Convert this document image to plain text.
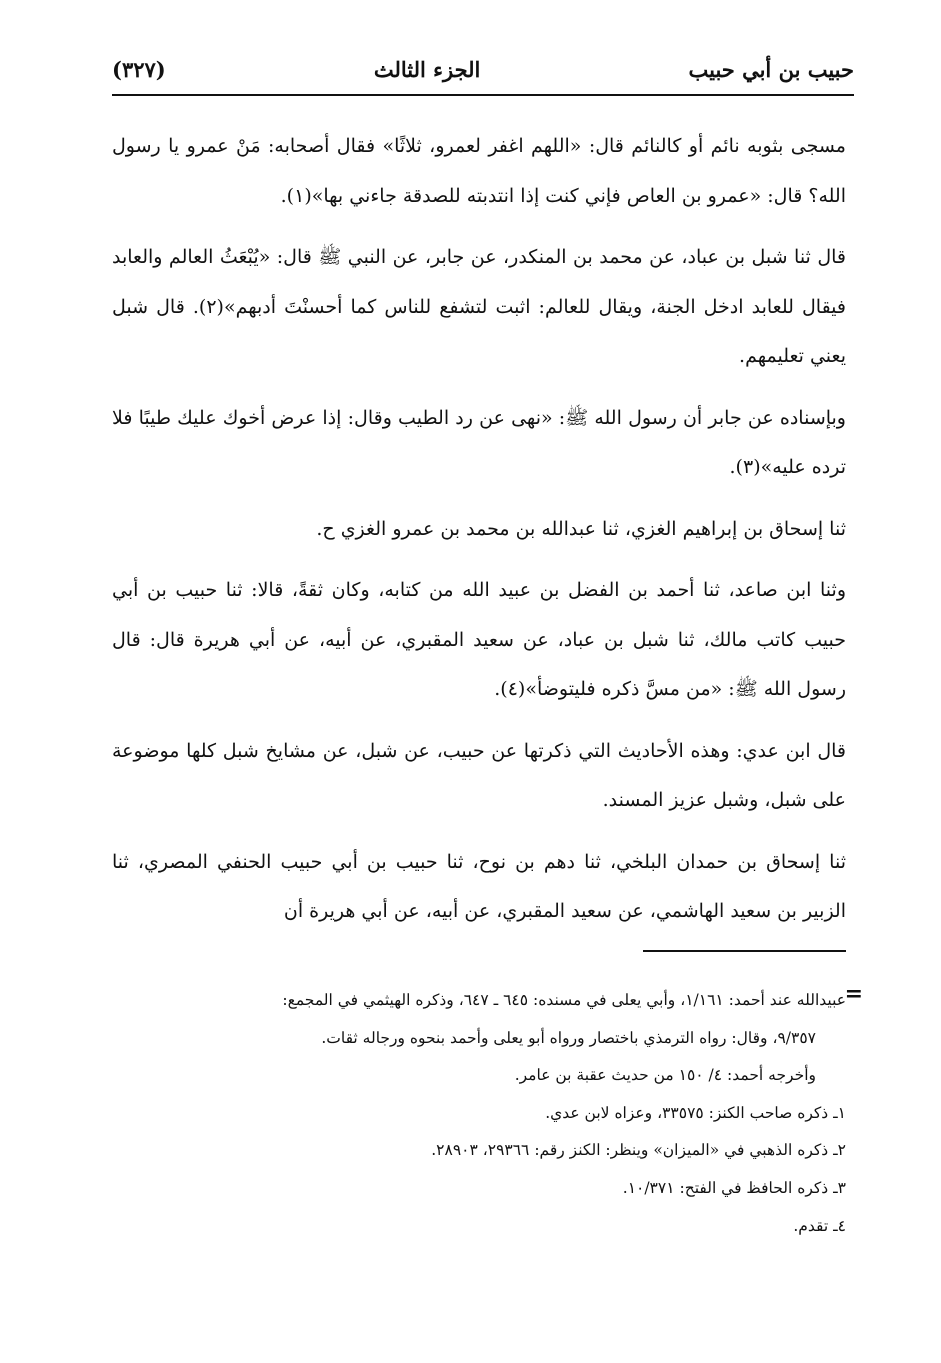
حبيب بن أبي حبيب
الجزء الثالث
(٣٢٧)

مسجى بثوبه نائم أو كالنائم قال: «اللهم اغفر لعمرو، ثلاثًا» فقال أصحابه: مَنْ عمرو يا رسول الله؟ قال: «عمرو بن العاص فإني كنت إذا انتدبته للصدقة جاءني بها»(١).

قال ثنا شبل بن عباد، عن محمد بن المنكدر، عن جابر، عن النبي ﷺ قال: «يُبْعَثُ العالم والعابد فيقال للعابد ادخل الجنة، ويقال للعالم: اثبت لتشفع للناس كما أحسنْتَ أدبهم»(٢). قال شبل يعني تعليمهم.

وبإسناده عن جابر أن رسول الله ﷺ: «نهى عن رد الطيب وقال: إذا عرض أخوك عليك طيبًا فلا ترده عليه»(٣).

ثنا إسحاق بن إبراهيم الغزي، ثنا عبدالله بن محمد بن عمرو الغزي ح.

وثنا ابن صاعد، ثنا أحمد بن الفضل بن عبيد الله من كتابه، وكان ثقةً، قالا: ثنا حبيب بن أبي حبيب كاتب مالك، ثنا شبل بن عباد، عن سعيد المقبري، عن أبيه، عن أبي هريرة قال: قال رسول الله ﷺ: «من مسَّ ذكره فليتوضأ»(٤).

قال ابن عدي: وهذه الأحاديث التي ذكرتها عن حبيب، عن شبل، عن مشايخ شبل كلها موضوعة على شبل، وشبل عزيز المسند.

ثنا إسحاق بن حمدان البلخي، ثنا دهم بن نوح، ثنا حبيب بن أبي حبيب الحنفي المصري، ثنا الزبير بن سعيد الهاشمي، عن سعيد المقبري، عن أبيه، عن أبي هريرة أن

=

عبيدالله عند أحمد: ١/١٦١، وأبي يعلى في مسنده: ٦٤٥ ـ ٦٤٧، وذكره الهيثمي في المجمع:

٩/٣٥٧، وقال: رواه الترمذي باختصار ورواه أبو يعلى وأحمد بنحوه ورجاله ثقات.

وأخرجه أحمد: ٤/ ١٥٠ من حديث عقبة بن عامر.

١ـ ذكره صاحب الكنز: ٣٣٥٧٥، وعزاه لابن عدي.

٢ـ ذكره الذهبي في «الميزان» وينظر: الكنز رقم: ٢٩٣٦٦، ٢٨٩٠٣.

٣ـ ذكره الحافظ في الفتح: ١٠/٣٧١.

٤ـ تقدم.
